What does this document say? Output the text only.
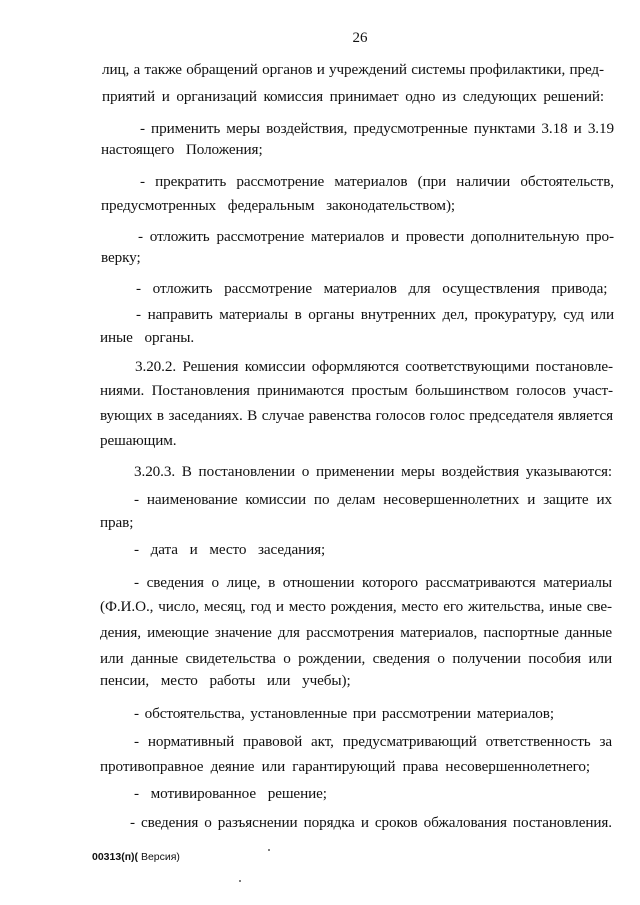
26
лиц, а также обращений органов и учреждений системы профилактики, пред-
приятий и организаций комиссия принимает одно из следующих решений:
- применить меры воздействия, предусмотренные пунктами 3.18 и 3.19
настоящего Положения;
- прекратить рассмотрение материалов (при наличии обстоятельств,
предусмотренных федеральным законодательством);
- отложить рассмотрение материалов и провести дополнительную про-
верку;
- отложить рассмотрение материалов для осуществления привода;
- направить материалы в органы внутренних дел, прокуратуру, суд или
иные органы.
3.20.2. Решения комиссии оформляются соответствующими постановле-
ниями. Постановления принимаются простым большинством голосов участ-
вующих в заседаниях. В случае равенства голосов голос председателя является
решающим.
3.20.3. В постановлении о применении меры воздействия указываются:
- наименование комиссии по делам несовершеннолетних и защите их
прав;
- дата и место заседания;
- сведения о лице, в отношении которого рассматриваются материалы
(Ф.И.О., число, месяц, год и место рождения, место его жительства, иные све-
дения, имеющие значение для рассмотрения материалов, паспортные данные
или данные свидетельства о рождении, сведения о получении пособия или
пенсии, место работы или учебы);
- обстоятельства, установленные при рассмотрении материалов;
- нормативный правовой акт, предусматривающий ответственность за
противоправное деяние или гарантирующий права несовершеннолетнего;
- мотивированное решение;
- сведения о разъяснении порядка и сроков обжалования постановления.
00313(п)( Версия)
